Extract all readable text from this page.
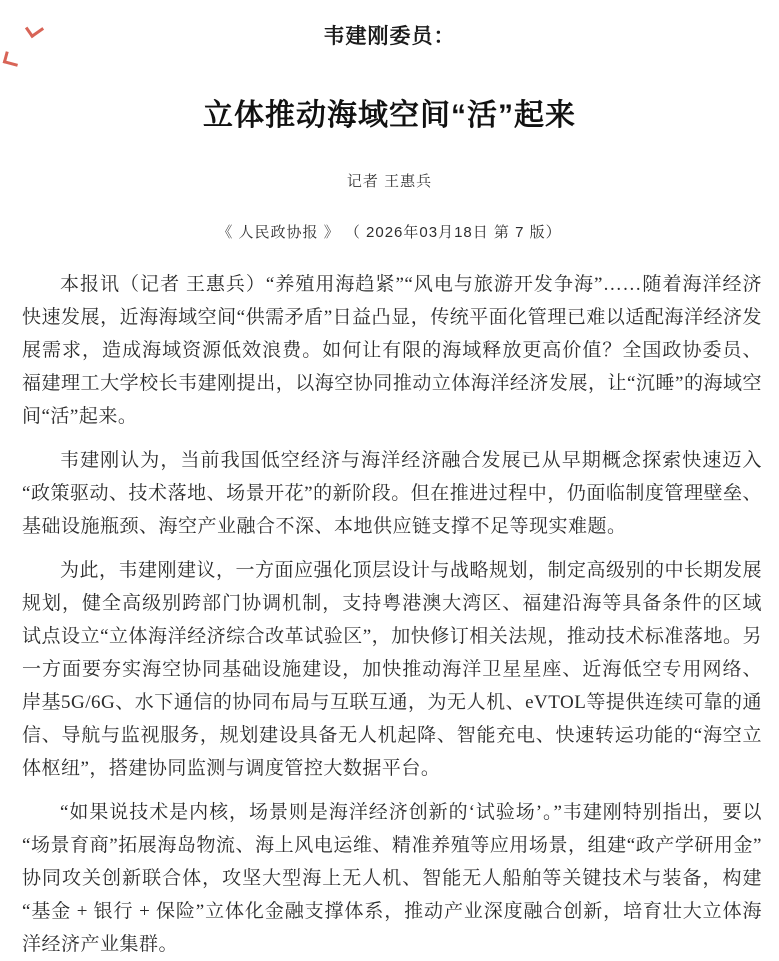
韦建刚委员：
立体推动海域空间“活”起来
记者 王惠兵
《 人民政协报 》 （ 2026年03月18日 第 7 版）

本报讯（记者 王惠兵）“养殖用海趋紧”“风电与旅游开发争海”……随着海洋经济快速发展，近海海域空间“供需矛盾”日益凸显，传统平面化管理已难以适配海洋经济发展需求，造成海域资源低效浪费。如何让有限的海域释放更高价值？全国政协委员、福建理工大学校长韦建刚提出，以海空协同推动立体海洋经济发展，让“沉睡”的海域空间“活”起来。

韦建刚认为，当前我国低空经济与海洋经济融合发展已从早期概念探索快速迈入“政策驱动、技术落地、场景开花”的新阶段。但在推进过程中，仍面临制度管理壁垒、基础设施瓶颈、海空产业融合不深、本地供应链支撑不足等现实难题。

为此，韦建刚建议，一方面应强化顶层设计与战略规划，制定高级别的中长期发展规划，健全高级别跨部门协调机制，支持粤港澳大湾区、福建沿海等具备条件的区域试点设立“立体海洋经济综合改革试验区”，加快修订相关法规，推动技术标准落地。另一方面要夯实海空协同基础设施建设，加快推动海洋卫星星座、近海低空专用网络、岸基5G/6G、水下通信的协同布局与互联互通，为无人机、eVTOL等提供连续可靠的通信、导航与监视服务，规划建设具备无人机起降、智能充电、快速转运功能的“海空立体枢纽”，搭建协同监测与调度管控大数据平台。

“如果说技术是内核，场景则是海洋经济创新的‘试验场’。”韦建刚特别指出，要以“场景育商”拓展海岛物流、海上风电运维、精准养殖等应用场景，组建“政产学研用金”协同攻关创新联合体，攻坚大型海上无人机、智能无人船舶等关键技术与装备，构建“基金 + 银行 + 保险”立体化金融支撑体系，推动产业深度融合创新，培育壮大立体海洋经济产业集群。
